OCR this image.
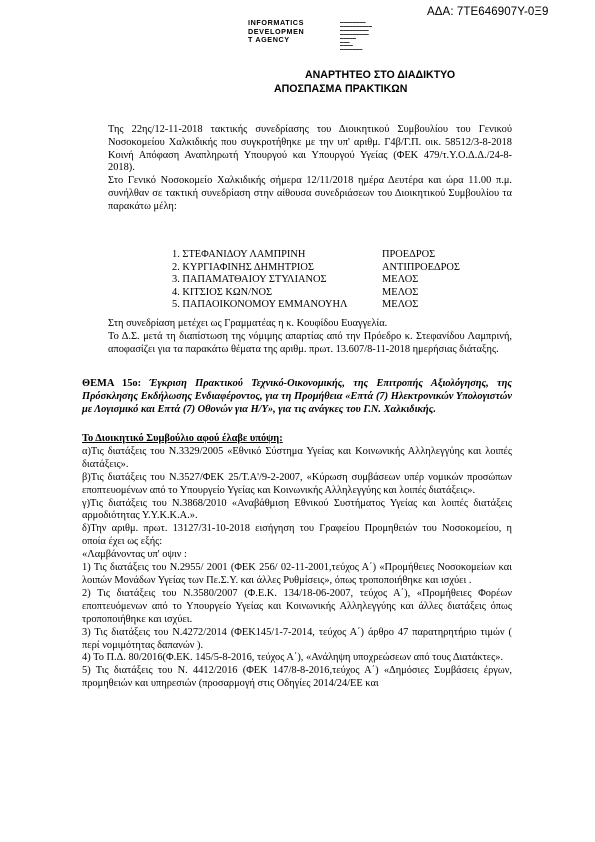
ΑΔΑ: 7ΤΕ646907Υ-0Ξ9
INFORMATICS
DEVELOPMEN
T AGENCY
▬▬▬▬▬▬▬▬
▬▬▬▬▬▬▬▬▬▬
▬▬▬▬▬▬▬▬▬
▬▬▬▬▬▬▬▬▬
▬▬▬▬▬
▬▬▬
▬▬▬▬
▬▬▬▬▬▬▬
ΑΝΑΡΤΗΤΕΟ ΣΤΟ ΔΙΑΔΙΚΤΥΟ
ΑΠΟΣΠΑΣΜΑ ΠΡΑΚΤΙΚΩΝ

Της 22ης/12-11-2018 τακτικής συνεδρίασης του Διοικητικού Συμβουλίου του Γενικού Νοσοκομείου Χαλκιδικής που συγκροτήθηκε με την υπ' αριθμ. Γ4β/Γ.Π. οικ. 58512/3-8-2018 Κοινή Απόφαση Αναπληρωτή Υπουργού και Υπουργού Υγείας (ΦΕΚ 479/τ.Υ.Ο.Δ.Δ./24-8-2018).

Στο Γενικό Νοσοκομείο Χαλκιδικής σήμερα 12/11/2018 ημέρα Δευτέρα και ώρα 11.00 π.μ. συνήλθαν σε τακτική συνεδρίαση στην αίθουσα συνεδριάσεων του Διοικητικού Συμβουλίου τα παρακάτω μέλη:

1. ΣΤΕΦΑΝΙΔΟΥ ΛΑΜΠΡΙΝΗ	ΠΡΟΕΔΡΟΣ
2. ΚΥΡΓΙΑΦΙΝΗΣ ΔΗΜΗΤΡΙΟΣ	ΑΝΤΙΠΡΟΕΔΡΟΣ
3. ΠΑΠΑΜΑΤΘΑΙΟΥ ΣΤΥΛΙΑΝΟΣ	ΜΕΛΟΣ
4. ΚΙΤΣΙΟΣ ΚΩΝ/ΝΟΣ	ΜΕΛΟΣ
5. ΠΑΠΑΟΙΚΟΝΟΜΟΥ ΕΜΜΑΝΟΥΗΛ	ΜΕΛΟΣ

Στη συνεδρίαση μετέχει ως Γραμματέας η κ. Κουφίδου Ευαγγελία.

Το Δ.Σ. μετά τη διαπίστωση της νόμιμης απαρτίας από την Πρόεδρο κ. Στεφανίδου Λαμπρινή, αποφασίζει για τα παρακάτω θέματα της αριθμ. πρωτ. 13.607/8-11-2018 ημερήσιας διάταξης.

ΘΕΜΑ 15ο: Έγκριση Πρακτικού Τεχνικό-Οικονομικής, της Επιτροπής Αξιολόγησης, της Πρόσκλησης Εκδήλωσης Ενδιαφέροντος, για τη Προμήθεια «Επτά (7) Ηλεκτρονικών Υπολογιστών με Λογισμικό και Επτά (7) Οθονών για Η/Υ», για τις ανάγκες του Γ.Ν. Χαλκιδικής.

Το Διοικητικό Συμβούλιο αφού έλαβε υπόψη:

α)Τις διατάξεις του Ν.3329/2005 «Εθνικό Σύστημα Υγείας και Κοινωνικής Αλληλεγγύης και λοιπές διατάξεις».

β)Τις διατάξεις του Ν.3527/ΦΕΚ 25/Τ.Α'/9-2-2007, «Κύρωση συμβάσεων υπέρ νομικών προσώπων εποπτευομένων από το Υπουργείο Υγείας και Κοινωνικής Αλληλεγγύης και λοιπές διατάξεις».

γ)Τις διατάξεις του Ν.3868/2010 «Αναβάθμιση Εθνικού Συστήματος Υγείας και λοιπές διατάξεις αρμοδιότητας Υ.Υ.Κ.Κ.Α.».

δ)Την αριθμ. πρωτ. 13127/31-10-2018 εισήγηση του Γραφείου Προμηθειών του Νοσοκομείου, η οποία έχει ως εξής:

«Λαμβάνοντας υπ' οψιν :

1) Τις διατάξεις του Ν.2955/ 2001 (ΦΕΚ 256/ 02-11-2001,τεύχος Α΄) «Προμήθειες Νοσοκομείων και λοιπών Μονάδων Υγείας των Πε.Σ.Υ. και άλλες Ρυθμίσεις», όπως τροποποιήθηκε και ισχύει .

2) Τις διατάξεις του Ν.3580/2007 (Φ.Ε.Κ. 134/18-06-2007, τεύχος Α΄), «Προμήθειες Φορέων εποπτευόμενων από το Υπουργείο Υγείας και Κοινωνικής Αλληλεγγύης και άλλες διατάξεις όπως τροποποιήθηκε και ισχύει.

3) Τις διατάξεις του Ν.4272/2014 (ΦΕΚ145/1-7-2014, τεύχος Α΄) άρθρο 47 παρατηρητήριο τιμών ( περί νομιμότητας δαπανών ).

4) Το Π.Δ. 80/2016(Φ.ΕΚ. 145/5-8-2016, τεύχος Α΄), «Ανάληψη υποχρεώσεων από τους Διατάκτες».

5) Τις διατάξεις του Ν. 4412/2016 (ΦΕΚ 147/8-8-2016,τεύχος Α΄) «Δημόσιες Συμβάσεις έργων, προμηθειών και υπηρεσιών (προσαρμογή στις Οδηγίες 2014/24/ΕΕ και
